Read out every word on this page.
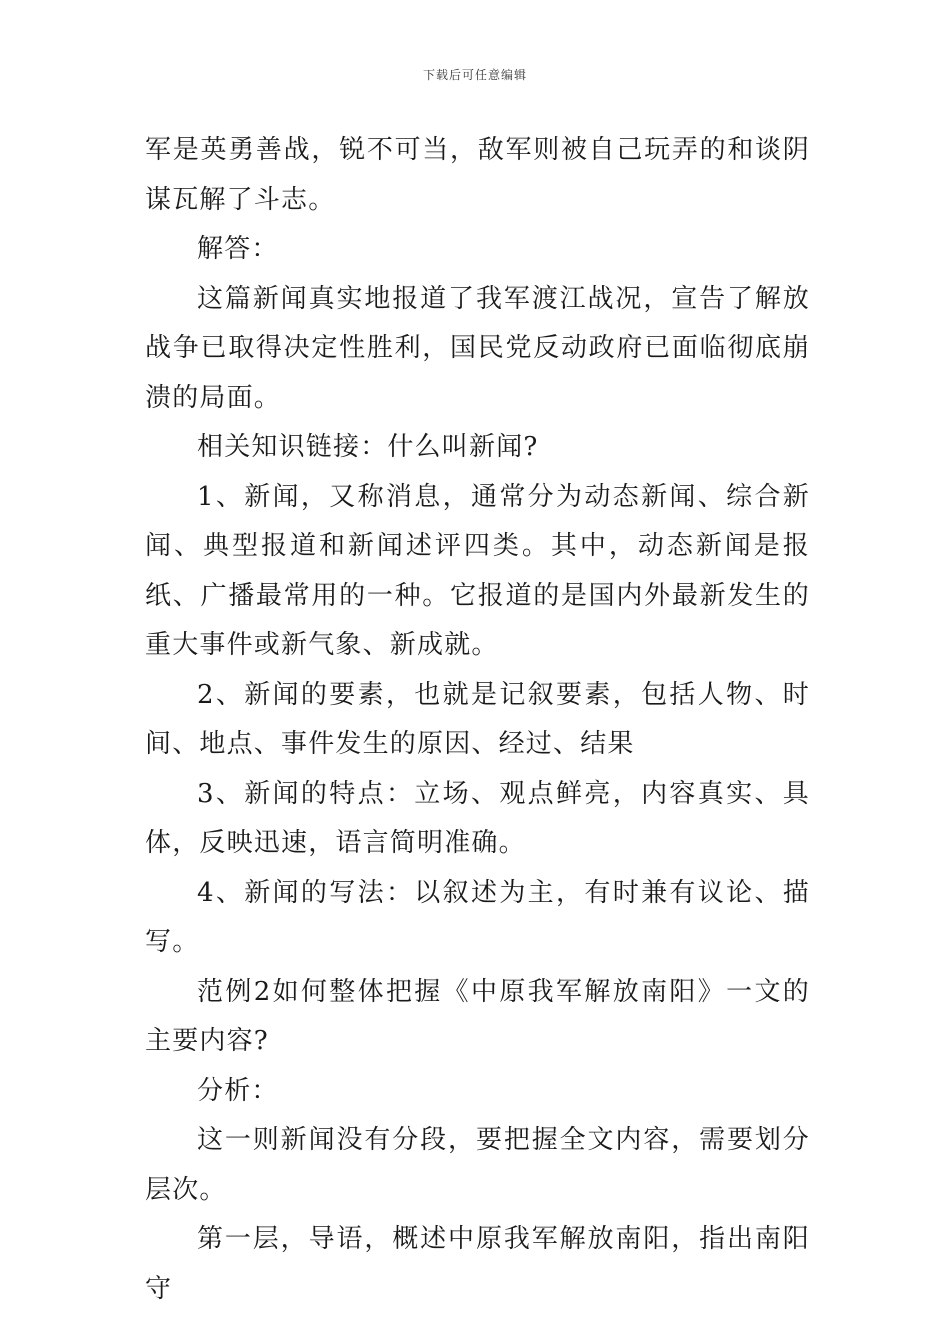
下载后可任意编辑

军是英勇善战，锐不可当，敌军则被自己玩弄的和谈阴谋瓦解了斗志。

解答：

这篇新闻真实地报道了我军渡江战况，宣告了解放战争已取得决定性胜利，国民党反动政府已面临彻底崩溃的局面。

相关知识链接：什么叫新闻?

1、新闻，又称消息，通常分为动态新闻、综合新闻、典型报道和新闻述评四类。其中，动态新闻是报纸、广播最常用的一种。它报道的是国内外最新发生的重大事件或新气象、新成就。

2、新闻的要素，也就是记叙要素，包括人物、时间、地点、事件发生的原因、经过、结果

3、新闻的特点：立场、观点鲜亮，内容真实、具体，反映迅速，语言简明准确。

4、新闻的写法：以叙述为主，有时兼有议论、描写。

范例2如何整体把握《中原我军解放南阳》一文的主要内容?

分析：

这一则新闻没有分段，要把握全文内容，需要划分层次。

第一层，导语，概述中原我军解放南阳，指出南阳守
